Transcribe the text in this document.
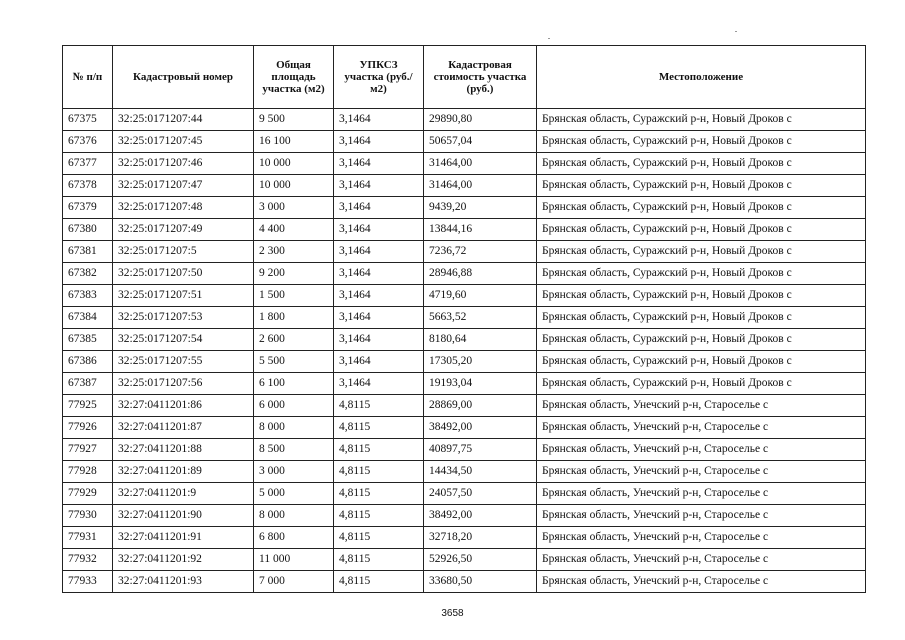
№ п/п	Кадастровый номер	Общая площадь участка (м2)	УПКСЗ участка (руб./м2)	Кадастровая стоимость участка (руб.)	Местоположение
67375	32:25:0171207:44	9 500	3,1464	29890,80	Брянская область, Суражский р-н, Новый Дроков с
67376	32:25:0171207:45	16 100	3,1464	50657,04	Брянская область, Суражский р-н, Новый Дроков с
67377	32:25:0171207:46	10 000	3,1464	31464,00	Брянская область, Суражский р-н, Новый Дроков с
67378	32:25:0171207:47	10 000	3,1464	31464,00	Брянская область, Суражский р-н, Новый Дроков с
67379	32:25:0171207:48	3 000	3,1464	9439,20	Брянская область, Суражский р-н, Новый Дроков с
67380	32:25:0171207:49	4 400	3,1464	13844,16	Брянская область, Суражский р-н, Новый Дроков с
67381	32:25:0171207:5	2 300	3,1464	7236,72	Брянская область, Суражский р-н, Новый Дроков с
67382	32:25:0171207:50	9 200	3,1464	28946,88	Брянская область, Суражский р-н, Новый Дроков с
67383	32:25:0171207:51	1 500	3,1464	4719,60	Брянская область, Суражский р-н, Новый Дроков с
67384	32:25:0171207:53	1 800	3,1464	5663,52	Брянская область, Суражский р-н, Новый Дроков с
67385	32:25:0171207:54	2 600	3,1464	8180,64	Брянская область, Суражский р-н, Новый Дроков с
67386	32:25:0171207:55	5 500	3,1464	17305,20	Брянская область, Суражский р-н, Новый Дроков с
67387	32:25:0171207:56	6 100	3,1464	19193,04	Брянская область, Суражский р-н, Новый Дроков с
77925	32:27:0411201:86	6 000	4,8115	28869,00	Брянская область, Унечский р-н, Староселье с
77926	32:27:0411201:87	8 000	4,8115	38492,00	Брянская область, Унечский р-н, Староселье с
77927	32:27:0411201:88	8 500	4,8115	40897,75	Брянская область, Унечский р-н, Староселье с
77928	32:27:0411201:89	3 000	4,8115	14434,50	Брянская область, Унечский р-н, Староселье с
77929	32:27:0411201:9	5 000	4,8115	24057,50	Брянская область, Унечский р-н, Староселье с
77930	32:27:0411201:90	8 000	4,8115	38492,00	Брянская область, Унечский р-н, Староселье с
77931	32:27:0411201:91	6 800	4,8115	32718,20	Брянская область, Унечский р-н, Староселье с
77932	32:27:0411201:92	11 000	4,8115	52926,50	Брянская область, Унечский р-н, Староселье с
77933	32:27:0411201:93	7 000	4,8115	33680,50	Брянская область, Унечский р-н, Староселье с
3658
